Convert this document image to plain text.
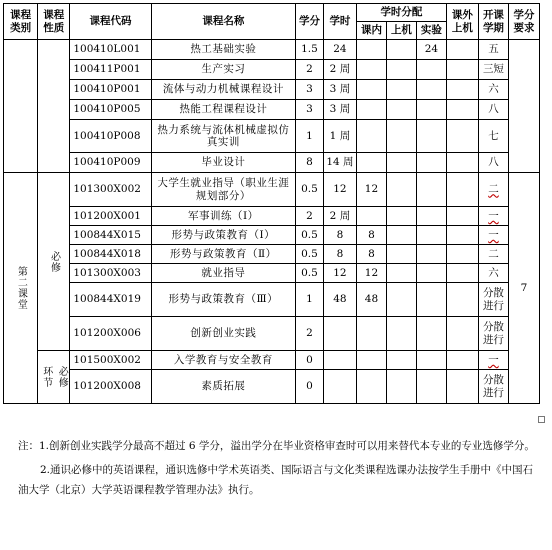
课程类别	课程性质	课程代码	课程名称	学分	学时	学时分配			课外上机	开课学期	学分要求
						课内	上机	实验			
		100410L001	热工基础实验	1.5	24			24		五	
		100411P001	生产实习	2	2 周					三短	
		100410P001	流体与动力机械课程设计	3	3 周					六	
		100410P005	热能工程课程设计	3	3 周					八	
		100410P008	热力系统与流体机械虚拟仿真实训	1	1 周					七	
		100410P009	毕业设计	8	14 周					八	

第二课堂	必修	101300X002	大学生就业指导（职业生涯规划部分）	0.5	12	12				二	7
		101200X001	军事训练（Ⅰ）	2	2 周					一	
		100844X015	形势与政策教育（Ⅰ）	0.5	8	8				一	
		100844X018	形势与政策教育（Ⅱ）	0.5	8	8				二	
		101300X003	就业指导	0.5	12	12				六	
		100844X019	形势与政策教育（Ⅲ）	1	48	48				分散进行	
		101200X006	创新创业实践	2						分散进行	

	环节 必修	101500X002	入学教育与安全教育	0						一	
		101200X008	素质拓展	0						分散进行	

注：1.创新创业实践学分最高不超过 6 学分，溢出学分在毕业资格审查时可以用来替代本专业的专业选修学分。

2.通识必修中的英语课程，通识选修中学术英语类、国际语言与文化类课程选课办法按学生手册中《中国石油大学（北京）大学英语课程教学管理办法》执行。
